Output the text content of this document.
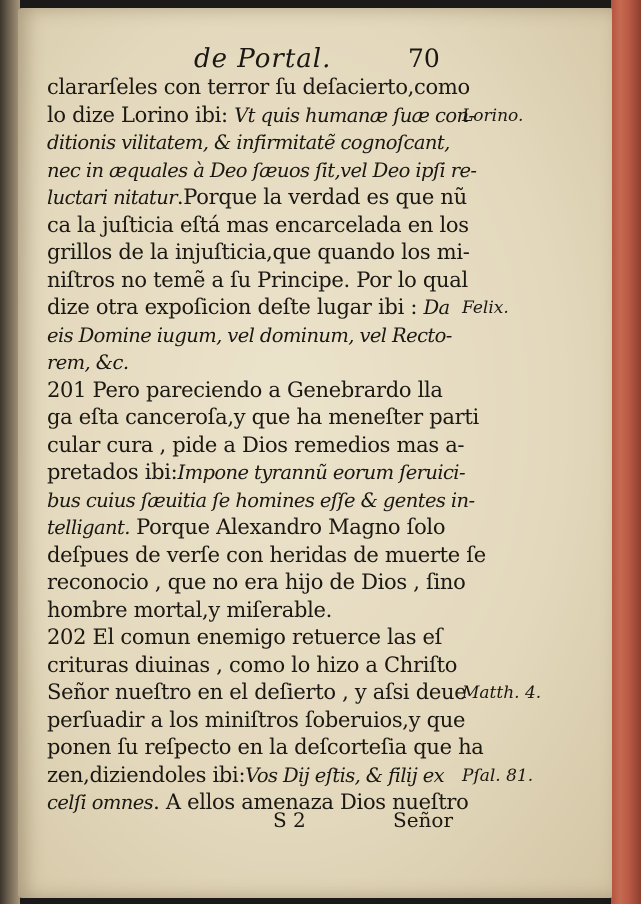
de Portal.	70
clararſeles con terror ſu deſacierto,como
lo dize Lorino ibi: Vt quis humanæ ſuæ con-
ditionis vilitatem, & infirmitatẽ cognoſcant,
nec in æquales à Deo ſæuos ſit,vel Deo ipſi re-
luctari nitatur.Porque la verdad es que nũ
ca la juſticia eſtá mas encarcelada en los
grillos de la injuſticia,que quando los mi-
niſtros no temẽ a ſu Principe. Por lo qual
dize otra expoſicion deſte lugar ibi : Da
eis Domine iugum, vel dominum, vel Recto-
rem, &c.
201 Pero pareciendo a Genebrardo lla
ga eſta canceroſa,y que ha meneſter parti
cular cura , pide a Dios remedios mas a-
pretados ibi:Impone tyrannũ eorum ſeruici-
bus cuius ſæuitia ſe homines eſſe & gentes in-
telligant. Porque Alexandro Magno ſolo
deſpues de verſe con heridas de muerte ſe
reconocio , que no era hijo de Dios , ſino
hombre mortal,y miſerable.
202 El comun enemigo retuerce las eſ
crituras diuinas , como lo hizo a Chriſto
Señor nueſtro en el deſierto , y aſsi deue
perſuadir a los miniſtros ſoberuios,y que
ponen ſu reſpecto en la deſcorteſia que ha
zen,diziendoles ibi:Vos Dij eſtis, & filij ex
celſi omnes. A ellos amenaza Dios nueſtro
Lorino.
Felix.
Matth. 4.
Pſal. 81.
S 2	Señor
